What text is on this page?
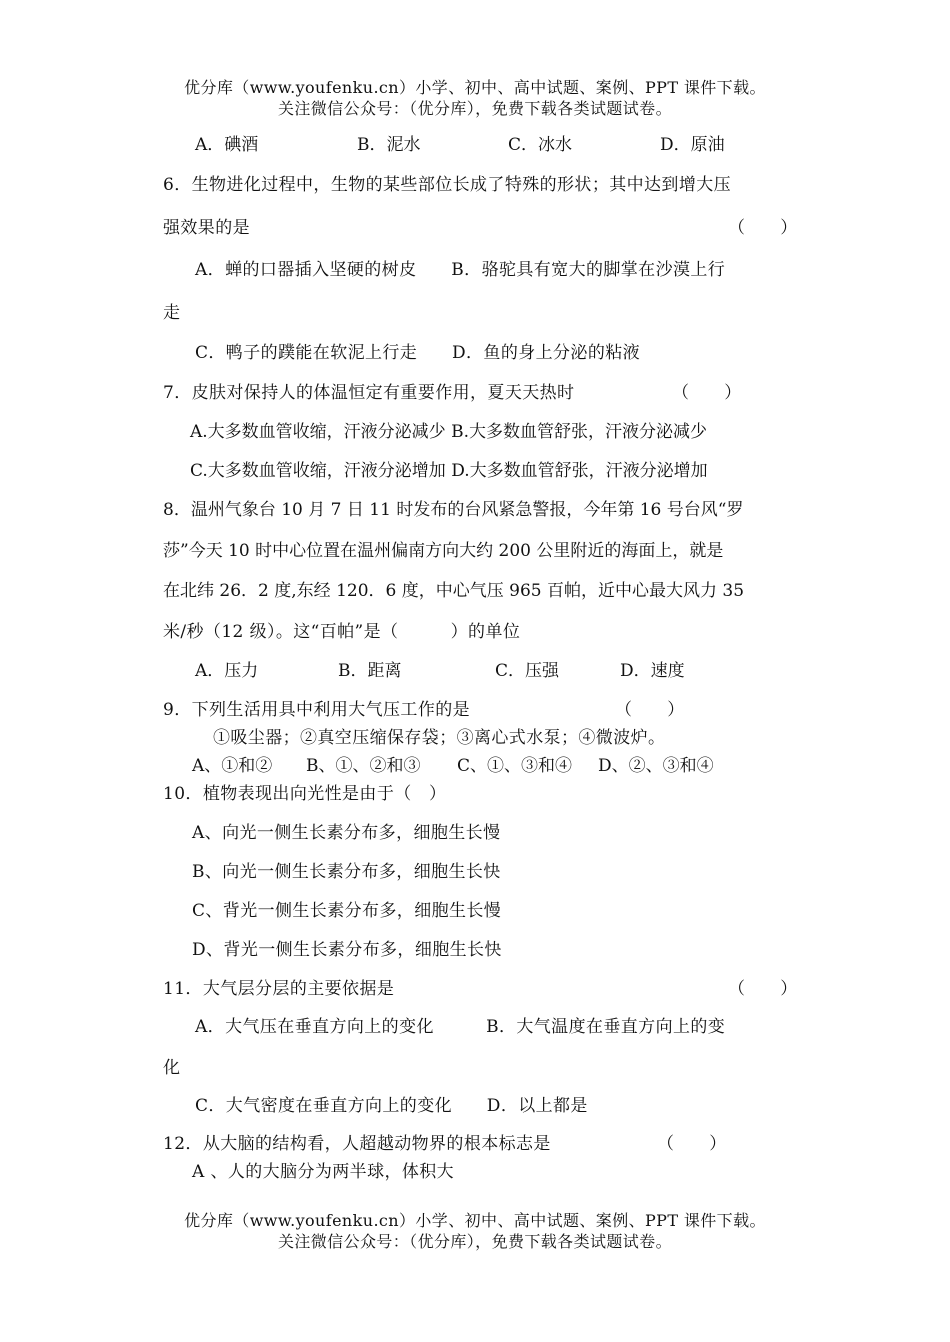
优分库（www.youfenku.cn）小学、初中、高中试题、案例、PPT 课件下载。
关注微信公众号：（优分库），免费下载各类试题试卷。
A．碘酒	B．泥水	C．冰水	D．原油
6．生物进化过程中，生物的某些部位长成了特殊的形状；其中达到增大压
强效果的是	（　　）
A．蝉的口器插入坚硬的树皮　　B．骆驼具有宽大的脚掌在沙漠上行
走
C．鸭子的蹼能在软泥上行走　　D．鱼的身上分泌的粘液
7．皮肤对保持人的体温恒定有重要作用，夏天天热时	（　　）
A.大多数血管收缩，汗液分泌减少 B.大多数血管舒张，汗液分泌减少
C.大多数血管收缩，汗液分泌增加 D.大多数血管舒张，汗液分泌增加
8．温州气象台 10 月 7 日 11 时发布的台风紧急警报，今年第 16 号台风“罗
莎”今天 10 时中心位置在温州偏南方向大约 200 公里附近的海面上，就是
在北纬 26．2 度,东经 120．6 度，中心气压 965 百帕，近中心最大风力 35
米/秒（12 级）。这“百帕”是（　　　）的单位
A．压力	B．距离	C．压强	D．速度
9．下列生活用具中利用大气压工作的是	（　　）
①吸尘器；②真空压缩保存袋；③离心式水泵；④微波炉。
A、①和② B、①、②和③ C、①、③和④ D、②、③和④
10．植物表现出向光性是由于（　）
A、向光一侧生长素分布多，细胞生长慢
B、向光一侧生长素分布多，细胞生长快
C、背光一侧生长素分布多，细胞生长慢
D、背光一侧生长素分布多，细胞生长快
11．大气层分层的主要依据是	（　　）
A．大气压在垂直方向上的变化　　　B．大气温度在垂直方向上的变
化
C．大气密度在垂直方向上的变化　　D．以上都是
12．从大脑的结构看，人超越动物界的根本标志是	（　　）
A 、人的大脑分为两半球，体积大
优分库（www.youfenku.cn）小学、初中、高中试题、案例、PPT 课件下载。
关注微信公众号：（优分库），免费下载各类试题试卷。
